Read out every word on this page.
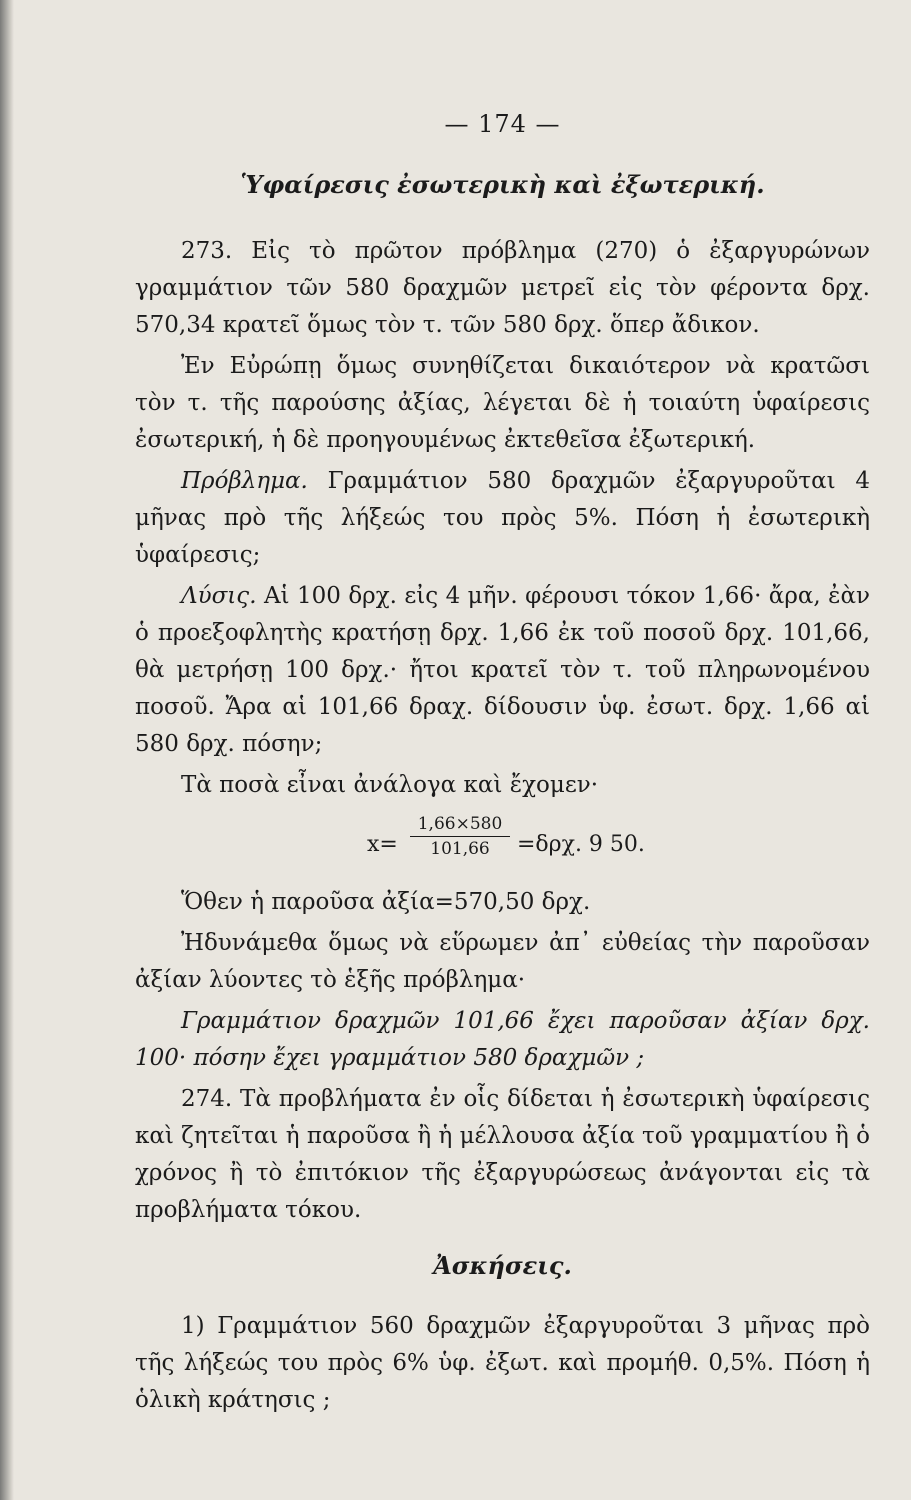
— 174 —
Ὑφαίρεσις ἐσωτερικὴ καὶ ἐξωτερική.

273. Εἰς τὸ πρῶτον πρόβλημα (270) ὁ ἐξαργυρώνων γραμμάτιον τῶν 580 δραχμῶν μετρεῖ εἰς τὸν φέροντα δρχ. 570,34 κρατεῖ ὅμως τὸν τ. τῶν 580 δρχ. ὅπερ ἄδικον.

Ἐν Εὐρώπῃ ὅμως συνηθίζεται δικαιότερον νὰ κρατῶσι τὸν τ. τῆς παρούσης ἀξίας, λέγεται δὲ ἡ τοιαύτη ὑφαίρεσις ἐσωτερική, ἡ δὲ προηγουμένως ἐκτεθεῖσα ἐξωτερική.

Πρόβλημα. Γραμμάτιον 580 δραχμῶν ἐξαργυροῦται 4 μῆνας πρὸ τῆς λήξεώς του πρὸς 5%. Πόση ἡ ἐσωτερικὴ ὑφαίρεσις;

Λύσις. Αἱ 100 δρχ. εἰς 4 μῆν. φέρουσι τόκον 1,66· ἄρα, ἐὰν ὁ προεξοφλητὴς κρατήσῃ δρχ. 1,66 ἐκ τοῦ ποσοῦ δρχ. 101,66, θὰ μετρήσῃ 100 δρχ.· ἤτοι κρατεῖ τὸν τ. τοῦ πληρωνομένου ποσοῦ. Ἄρα αἱ 101,66 δραχ. δίδουσιν ὑφ. ἐσωτ. δρχ. 1,66 αἱ 580 δρχ. πόσην;

Τὰ ποσὰ εἶναι ἀνάλογα καὶ ἔχομεν·

$x= \frac{1,66\times 580}{101,66} =\delta\rho\chi$. 9 50.

Ὅθεν ἡ παροῦσα ἀξία=570,50 δρχ.

Ἠδυνάμεθα ὅμως νὰ εὕρωμεν ἀπ᾽ εὐθείας τὴν παροῦσαν ἀξίαν λύοντες τὸ ἑξῆς πρόβλημα·

Γραμμάτιον δραχμῶν 101,66 ἔχει παροῦσαν ἀξίαν δρχ. 100· πόσην ἔχει γραμμάτιον 580 δραχμῶν ;

274. Τὰ προβλήματα ἐν οἷς δίδεται ἡ ἐσωτερικὴ ὑφαίρεσις καὶ ζητεῖται ἡ παροῦσα ἢ ἡ μέλλουσα ἀξία τοῦ γραμματίου ἢ ὁ χρόνος ἢ τὸ ἐπιτόκιον τῆς ἐξαργυρώσεως ἀνάγονται εἰς τὰ προβλήματα τόκου.

Ἀσκήσεις.

1) Γραμμάτιον 560 δραχμῶν ἐξαργυροῦται 3 μῆνας πρὸ τῆς λήξεώς του πρὸς 6% ὑφ. ἐξωτ. καὶ προμήθ. 0,5%. Πόση ἡ ὁλικὴ κράτησις ;
